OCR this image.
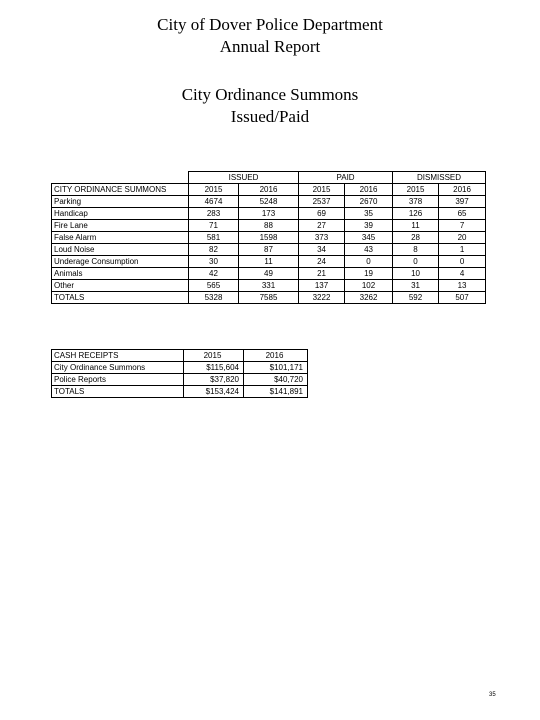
City of Dover Police Department
Annual Report
City Ordinance Summons
Issued/Paid
	ISSUED		PAID		DISMISSED	
CITY ORDINANCE SUMMONS	2015	2016	2015	2016	2015	2016
Parking	4674	5248	2537	2670	378	397
Handicap	283	173	69	35	126	65
Fire Lane	71	88	27	39	11	7
False Alarm	581	1598	373	345	28	20
Loud Noise	82	87	34	43	8	1
Underage Consumption	30	11	24	0	0	0
Animals	42	49	21	19	10	4
Other	565	331	137	102	31	13
TOTALS	5328	7585	3222	3262	592	507
CASH RECEIPTS	2015	2016
City Ordinance Summons	$115,604	$101,171
Police Reports	$37,820	$40,720
TOTALS	$153,424	$141,891
35
